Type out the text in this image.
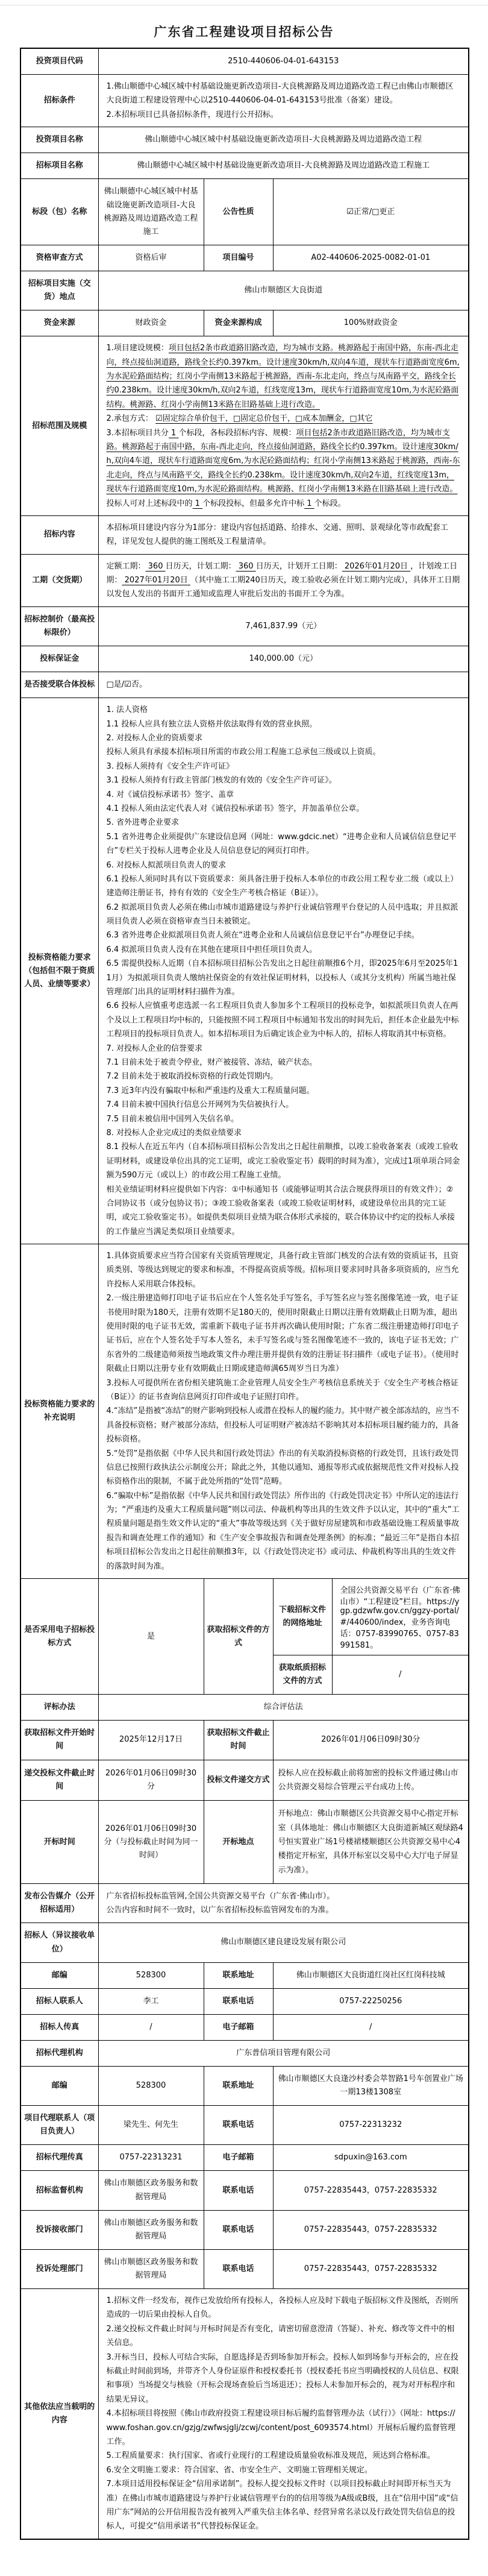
广东省工程建设项目招标公告
投资项目代码	2510-440606-04-01-643153			
招标条件	1.佛山顺德中心城区城中村基础设施更新改造项目-大良桃源路及周边道路改造工程已由佛山市顺德区大良街道工程建设管理中心以2510-440606-04-01-643153号批准（备案）建设。
2.本招标项目已具备招标条件，现进行公开招标。			

投资项目名称	佛山顺德中心城区城中村基础设施更新改造项目-大良桃源路及周边道路改造工程			
招标项目名称	佛山顺德中心城区城中村基础设施更新改造项目-大良桃源路及周边道路改造工程施工			
标段（包）名称	佛山顺德中心城区城中村基础设施更新改造项目-大良桃源路及周边道路改造工程施工	公告性质	☑正常/□更正	
资格审查方式	资格后审	项目编号	A02-440606-2025-0082-01-01	
招标项目实施（交货）地点	佛山市顺德区大良街道			
资金来源	财政资金	资金来源构成	100%财政资金	
招标范围及规模	1.项目建设规模：项目包括2条市政道路旧路改造，均为城市支路。桃源路起于南国中路，东南-西北走向，终点接仙洞道路，路线全长约0.397km。设计速度30km/h,双向4车道，现状车行道路面宽度6m,为水泥砼路面结构；红岗小学南侧13米路起于桃源路，西南-东北走向，终点与凤南路平交，路线全长约0.238km。设计速度30km/h,双向2车道，红线宽度13m，现状车行道路面宽度10m,为水泥砼路面结构。桃源路、红岗小学南侧13米路在旧路基础上进行改造。
2.承包方式： ☑固定综合单价包干，□固定总价包干，□成本加酬金，□其它
3.本招标项目共分 1 个标段，各标段招标内容、规模：项目包括2条市政道路旧路改造，均为城市支路。桃源路起于南国中路，东南-西北走向，终点接仙洞道路，路线全长约0.397km。设计速度30km/h,双向4车道，现状车行道路面宽度6m,为水泥砼路面结构；红岗小学南侧13米路起于桃源路，西南-东北走向，终点与凤南路平交，路线全长约0.238km。设计速度30km/h,双向2车道，红线宽度13m，现状车行道路面宽度10m,为水泥砼路面结构。桃源路、红岗小学南侧13米路在旧路基础上进行改造。
投标人可对上述标段中的 1 个标段投标，但最多允许中标 1 个标段。			

招标内容	本招标项目建设内容分为1部分：建设内容包括道路、给排水、交通、照明、景观绿化等市政配套工程，详见发包人提供的施工图纸及工程量清单。			

工期（交货期）	定额工期： 360 日历天，计划工期： 360 日历天，计划开工日期： 2026年01月20日 ，计划竣工日期： 2027年01月20日 （其中施工工期240日历天，竣工验收必须在计划工期内完成），具体开工日期以发包人发出的书面开工通知或监理人审批后发出的书面开工令为准。			

招标控制价（最高投标限价）	7,461,837.99（元）			
投标保证金	140,000.00（元）			
是否接受联合体投标	□是/☑否。			

投标资格能力要求（包括但不限于资质人员、业绩等要求）	
1. 法人资格
1.1 投标人应具有独立法人资格并依法取得有效的营业执照。
2. 对投标人企业的资质要求
投标人须具有承接本招标项目所需的市政公用工程施工总承包三级或以上资质。
3. 投标人须持有《安全生产许可证》
3.1 投标人须持有行政主管部门核发的有效的《安全生产许可证》。
4. 对《诚信投标承诺书》签字、盖章
4.1 投标人须由法定代表人对《诚信投标承诺书》签字，并加盖单位公章。
5. 省外进粤企业要求
5.1 省外进粤企业须提供广东建设信息网（网址：www.gdcic.net）“进粤企业和人员诚信信息登记平台”专栏关于投标人进粤企业及人员信息登记的网页打印件。
6. 对投标人拟派项目负责人的要求
6.1 投标人须同时具有以下资质要求：须具备注册于投标人本单位的市政公用工程专业二级（或以上）建造师注册证书，持有有效的《安全生产考核合格证（B证）》。
6.2 拟派项目负责人必须在佛山市城市道路建设与养护行业诚信管理平台登记的人员中选取；并且拟派项目负责人必须在资格审查当日未被锁定。
6.3 省外进粤企业拟派项目负责人须在“进粤企业和人员诚信信息登记平台”办理登记手续。
6.4 拟派项目负责人没有在其他在建项目中担任项目负责人。
6.5 需提供投标人近期（自本招标项目招标公告发出之日起往前顺推6个月，即2025年6月至2025年11月）为拟派项目负责人缴纳社保资金的有效社保证明材料，以投标人（或其分支机构）所属当地社保管理部门出具的证明材料扫描件为准。
6.6 投标人应慎重考虑选派一名工程项目负责人参加多个工程项目的投标竞争，如拟派项目负责人在两个及以上工程项目均中标的，只能按照不同工程项目中标通知书发出的时间先后，担任本企业最先中标工程项目的投标项目负责人。如本招标项目为后确定该企业为中标人的，招标人将取消其中标资格。
7. 对投标人企业的信誉要求
7.1 目前未处于被责令停业，财产被接管、冻结，破产状态。
7.2 目前未处于被取消投标资格的行政处罚期内。
7.3 近3年内没有骗取中标和严重违约及重大工程质量问题。
7.4 目前未被中国执行信息公开网列为失信被执行人。
7.5 目前未被信用中国列入失信名单。
8. 对投标人企业完成过的类似业绩要求
8.1 投标人在近五年内（自本招标项目招标公告发出之日起往前顺推，以竣工验收备案表（或竣工验收证明材料，或建设单位出具的完工证明，或完工验收鉴定书）载明的时间为准），完成过1项单项合同金额为590万元（或以上）的市政公用工程施工业绩。
相关业绩证明材料应提供如下内容：①中标通知书（或能够证明其合法合规获得项目的有效文件）；②合同协议书（或分包协议书）；③竣工验收备案表（或竣工验收证明材料，或建设单位出具的完工证明，或完工验收鉴定书）。如提供类似项目业绩为联合体形式承接的，联合体协议中约定的投标人承接的工作量应当满足类似项目业绩要求。

投标资格能力要求的补充说明	
1.具体资质要求应当符合国家有关资质管理规定，具备行政主管部门核发的合法有效的资质证书，且资质类别、等级达到规定的要求和标准，不得提高资质等级。招标项目要求同时具备多项资质的，应当允许投标人采用联合体投标。
2.一级注册建造师打印电子证书后应在个人签名处手写签名，手写签名应与签名图像笔迹一致，电子证书使用时限为180天，注册有效期不足180天的，使用时限截止日期以注册有效期截止日期为准，超出使用时限的电子证书无效，需重新下载电子证书并再次确认使用时限；广东省二级注册建造师打印电子证书后，应在个人签名处手写本人签名，未手写签名或与签名图像笔迹不一致的，该电子证书无效；广东省外的二级建造师须按当地政策文件办理注册并提供有效的注册证书扫描件（或电子证书）。（使用时限截止日期以注册专业有效期截止日期或建造师满65周岁当日为准）
3.投标人可提供所在省份相关建筑施工企业管理人员安全生产考核信息系统关于《安全生产考核合格证（B证）》的证书查询信息网页打印件或电子证照打印件。
4.“冻结”是指被“冻结”的财产影响到投标人或潜在投标人的履约能力。其中财产被全部冻结的，应当不具备投标资格；财产被部分冻结，但投标人可证明财产被冻结不影响其对本招标项目履约能力的，具备投标资格。
5.“处罚”是指依据《中华人民共和国行政处罚法》作出的有关取消投标资格的行政处罚，且该行政处罚信息已按照行政执法公示制度公开；除此之外，其他以通知、通报等形式或依据规范性文件对投标人投标资格作出的限制，不属于此处所指的“处罚”范畴。
6.“骗取中标”是指依据《中华人民共和国行政处罚法》所作出的《行政处罚决定书》中所认定的违法行为；“严重违约及重大工程质量问题”则以司法、仲裁机构等出具的生效文件予以认定，其中的“重大”工程质量问题是指生效文件认定的“重大”事故等级达到《关于做好房屋建筑和市政基础设施工程质量事故报告和调查处理工作的通知》和《生产安全事故报告和调查处理条例》的标准；“最近三年”是指自本招标项目招标公告发出之日起往前顺推3年，以《行政处罚决定书》或司法、仲裁机构等出具的生效文件的落款时间为准。

是否采用电子招标投标方式	是	获取招标文件的方式	下载招标文件的网络地址	全国公共资源交易平台（广东省·佛山市）“工程建设”栏目。https://ygp.gdzwfw.gov.cn/ggzy-portal/#/440600/index，业务咨询电话：0757-83990765、0757-83991581。
			获取纸质招标文件的方式	/
评标办法	综合评估法			
获取招标文件开始时间	2025年12月17日	获取招标文件截止时间	2026年01月06日09时30分	
递交投标文件截止时间	2026年01月06日09时30分	投标文件递交方式	投标人应在投标截止前将加密的投标文件通过佛山市公共资源交易综合管理云平台成功上传。	
开标时间	2026年01月06日09时30分（与投标截止时间为同一时间）	开标地点	开标地点：佛山市顺德区公共资源交易中心指定开标室（具体地址：佛山市顺德区大良街道新城区观绿路4号恒实置业广场1号楼裙楼顺德区公共资源交易中心4楼指定开标室，具体开标室以交易中心大厅电子屏显示为准）。	
发布公告媒介（公开招标适用）	广东省招标投标监管网,全国公共资源交易平台（广东省·佛山市）。
公告内容和时间不一致时，以广东省招标投标监管网发布的为准。			

招标人（异议接收单位）	佛山市顺德区建良建设发展有限公司			
邮编	528300	联系地址	佛山市顺德区大良街道红岗社区红岗科技城	
招标人联系人	李工	联系电话	0757-22250256	
招标人传真	/	电子邮箱	/	
招标代理机构	广东普信项目管理有限公司			
邮编	528300	联系地址	佛山市顺德区大良逢沙村委会萃智路1号车创置业广场一期13楼1308室	
项目代理联系人（项目负责人）	梁先生、何先生	联系电话	0757-22313232	
招标代理传真	0757-22313231	电子邮箱	sdpuxin@163.com	
招标监督机构	佛山市顺德区政务服务和数据管理局	联系电话	0757-22835443，0757-22835332	
投诉接收部门	佛山市顺德区政务服务和数据管理局	联系电话	0757-22835443，0757-22835332	
投诉处理部门	佛山市顺德区政务服务和数据管理局	联系电话	0757-22835443，0757-22835332	
其他依法应当载明的内容	
1.招标文件一经发布，视作已发放给所有投标人，各投标人应及时下载电子版招标文件及图纸，否则所造成的一切后果由投标人自负。
2.递交投标文件截止时间与开标时间是否有变化，请密切留意澄清（答疑）、补充、修改等文件中的相关信息。
3.开标当日，投标人可结合实际，自愿选择是否到场参加开标会。投标人如到场参与开标会的，应在投标截止时间前到场，并带齐个人身份证原件和授权委托书（授权委托书应当明确授权的人员信息、权限和事项）当场提交与核验（开标会现场查验后当场退还）；投标人未参加开标会的，视为对开标程序和结果无异议。
4.本招标项目将按照《佛山市政府投资工程建设项目标后履约监督管理办法（试行）》（网址：https://www.foshan.gov.cn/gzjg/zwfwsjglj/zcwj/content/post_6093574.html）开展标后履约监督管理工作。
5.工程质量要求：执行国家、省或行业现行的工程建设质量验收标准及规范，须达到合格标准。
6.安全文明施工要求：符合国家、省、市安全生产、文明施工管理相关规定。
7.本项目适用投标保证金“信用承诺制”。投标人提交投标文件时（以项目投标截止时间即开标当天为准）在佛山市城市道路建设与养护行业诚信管理平台的的信用等级为A级或B级，且在“信用中国”或“信用广东”网站的公开信用报告没有被列入严重失信主体名单、经营异常名录以及行政处罚失信信息的投标人，可提交“信用承诺书”代替投标保证金。
